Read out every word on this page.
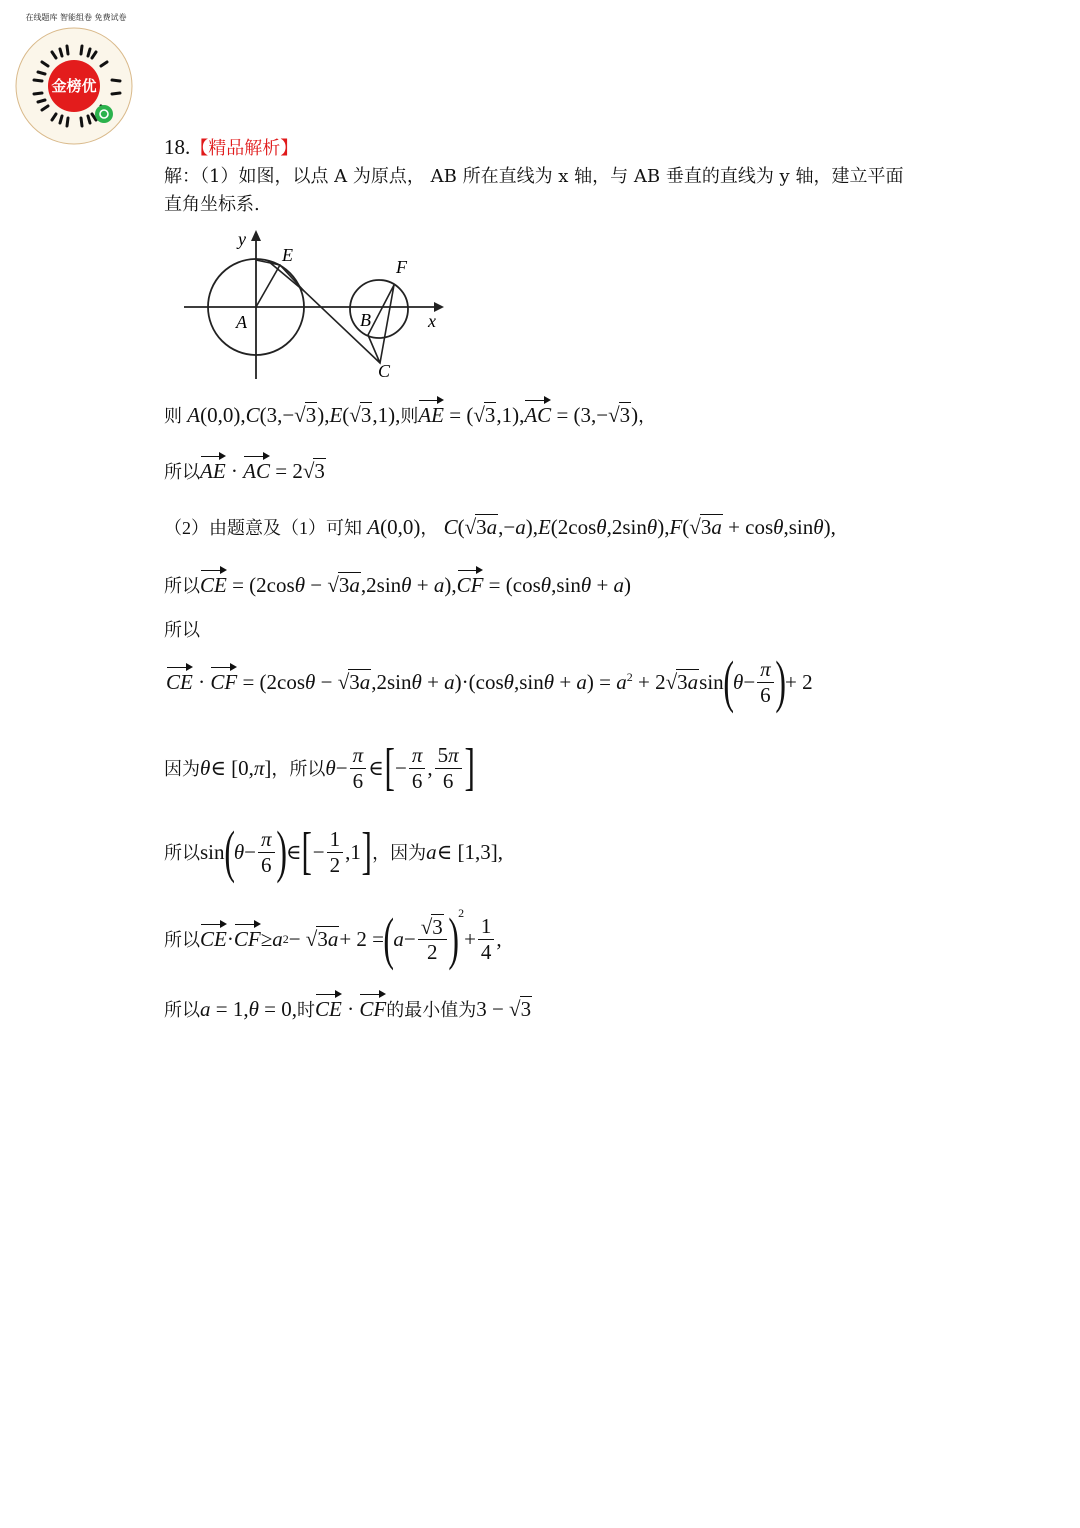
金榜优
在线题库 智能组卷 免费试卷
18.【精品解析】
解：（1）如图，以点 A 为原点， AB 所在直线为 x 轴，与 AB 垂直的直线为 y 轴，建立平面
直角坐标系.
y
x
A	B
C
E
F
则 A(0,0),C(3,−√3),E(√3,1),则AE = (√3,1),AC = (3,−√3)，
所以AE · AC = 2√3
（2）由题意及（1）可知 A(0,0)， C(√3a,−a),E(2cosθ,2sinθ),F(√3a + cosθ,sinθ),
所以CE = (2cosθ − √3a,2sinθ + a),CF = (cosθ,sinθ + a)
所以
CE · CF = $(2\cos\theta - √3a,2\sin\theta + a)\cdot(\cos\theta,\sin\theta + a) = a^2 + 2√3asin$ ( $\theta - \frac{\pi}{6}$ ) + 2
因为 θ ∈ [0, π ] ，所以 $\theta - \frac{\pi}{6}$ ∈ [ − $\frac{\pi}{6}$ , $\frac{5\pi}{6}$ ]
所以 sin ( $\theta - \frac{\pi}{6}$ ) ∈ [ − $\frac{1}{2} ,1$ ] ，因为 a ∈ [1,3],
所以 CE · CF ≥ a 2 − √ 3a + 2 = ( $a - \frac{√3}{2} )^2$
+ $\frac{1}{4}$ ,
所以a = 1,θ = 0,时CE · CF的最小值为3 − √3
